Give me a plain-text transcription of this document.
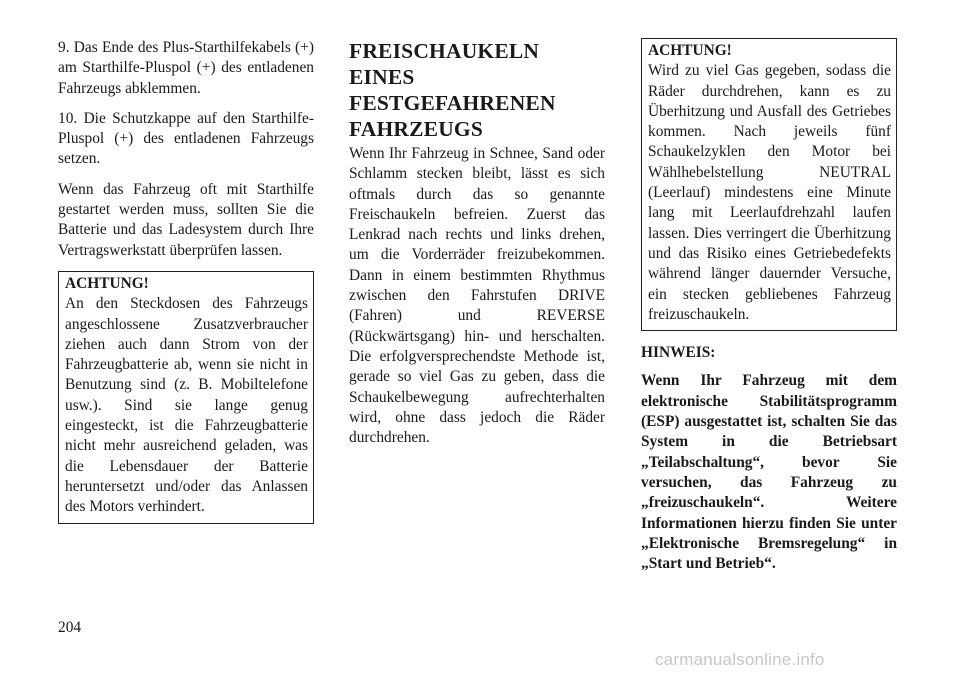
9. Das Ende des Plus-Starthilfekabels (+) am Starthilfe-Pluspol (+) des entladenen Fahrzeugs abklemmen.

10. Die Schutzkappe auf den Starthilfe-Pluspol (+) des entladenen Fahrzeugs setzen.

Wenn das Fahrzeug oft mit Starthilfe gestartet werden muss, sollten Sie die Batterie und das Ladesystem durch Ihre Vertragswerkstatt überprüfen lassen.

ACHTUNG!
An den Steckdosen des Fahrzeugs angeschlossene Zusatzverbraucher ziehen auch dann Strom von der Fahrzeugbatterie ab, wenn sie nicht in Benutzung sind (z. B. Mobiltelefone usw.). Sind sie lange genug eingesteckt, ist die Fahrzeugbatterie nicht mehr ausreichend geladen, was die Lebensdauer der Batterie heruntersetzt und/oder das Anlassen des Motors verhindert.
FREISCHAUKELN EINES
FESTGEFAHRENEN
FAHRZEUGS

Wenn Ihr Fahrzeug in Schnee, Sand oder Schlamm stecken bleibt, lässt es sich oftmals durch das so genannte Freischaukeln befreien. Zuerst das Lenkrad nach rechts und links drehen, um die Vorderräder freizubekommen. Dann in einem bestimmten Rhythmus zwischen den Fahrstufen DRIVE (Fahren) und REVERSE (Rückwärtsgang) hin- und herschalten. Die erfolgversprechendste Methode ist, gerade so viel Gas zu geben, dass die Schaukelbewegung aufrechterhalten wird, ohne dass jedoch die Räder durchdrehen.

ACHTUNG!
Wird zu viel Gas gegeben, sodass die Räder durchdrehen, kann es zu Überhitzung und Ausfall des Getriebes kommen. Nach jeweils fünf Schaukelzyklen den Motor bei Wählhebelstellung NEUTRAL (Leerlauf) mindestens eine Minute lang mit Leerlaufdrehzahl laufen lassen. Dies verringert die Überhitzung und das Risiko eines Getriebedefekts während länger dauernder Versuche, ein stecken gebliebenes Fahrzeug freizuschaukeln.

HINWEIS:

Wenn Ihr Fahrzeug mit dem elektronische Stabilitätsprogramm (ESP) ausgestattet ist, schalten Sie das System in die Betriebsart „Teilabschaltung“, bevor Sie versuchen, das Fahrzeug zu „freizuschaukeln“. Weitere Informationen hierzu finden Sie unter „Elektronische Bremsregelung“ in „Start und Betrieb“.

204
carmanualsonline.info
